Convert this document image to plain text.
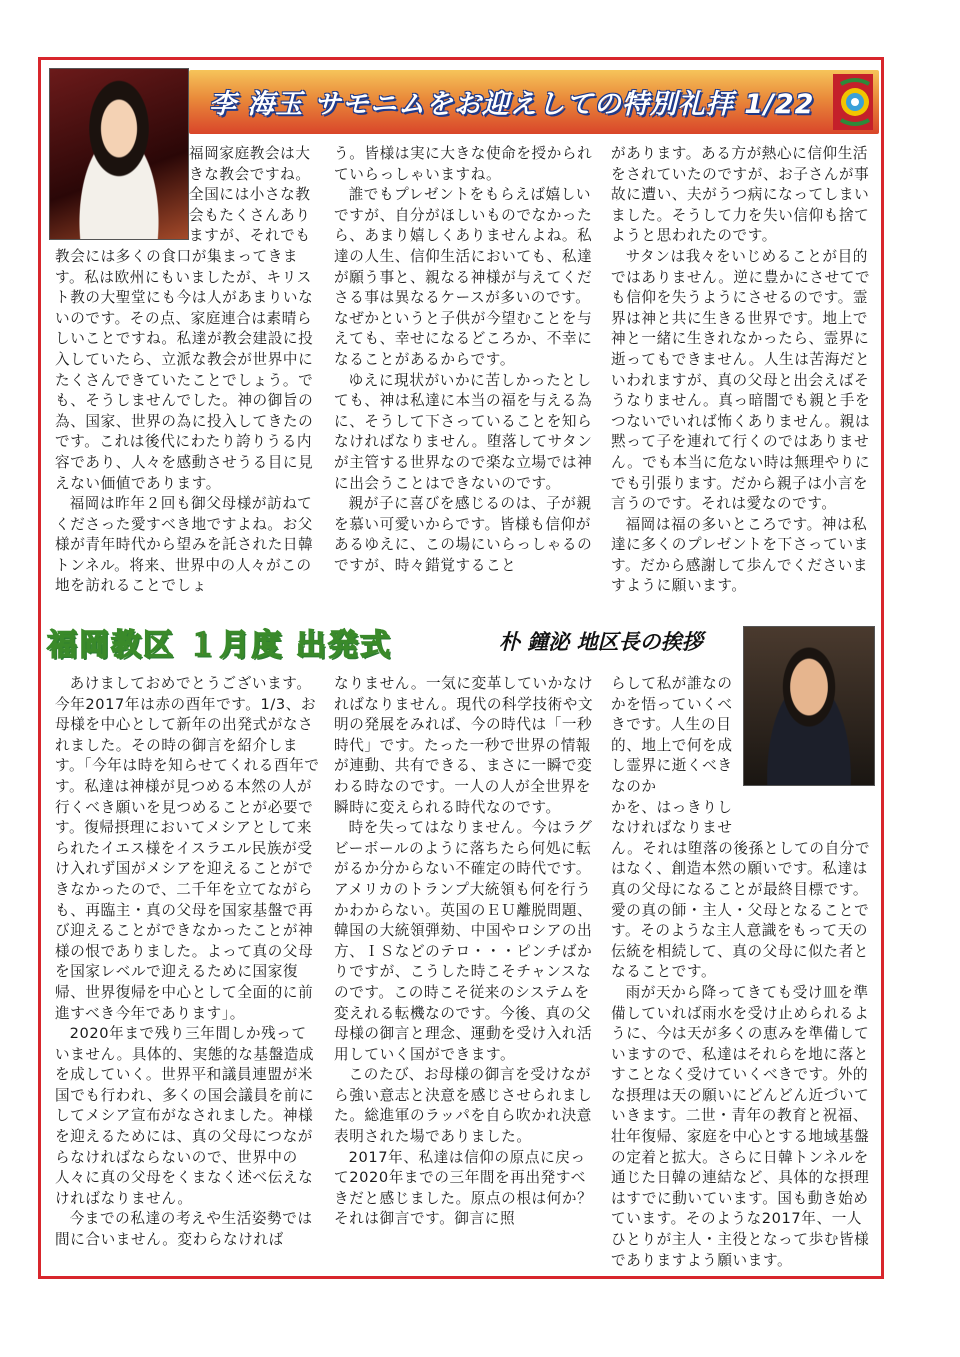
李 海玉 サモニムをお迎えしての特別礼拝 1/22

福岡家庭教会は大きな教会ですね。全国には小さな教会もたくさんありますが、それでも教会には多くの食口が集まってきます。私は欧州にもいましたが、キリスト教の大聖堂にも今は人があまりいないのです。その点、家庭連合は素晴らしいことですね。私達が教会建設に投入していたら、立派な教会が世界中にたくさんできていたことでしょう。でも、そうしませんでした。神の御旨の為、国家、世界の為に投入してきたのです。これは後代にわたり誇りうる内容であり、人々を感動させうる目に見えない価値であります。

福岡は昨年２回も御父母様が訪ねてくださった愛すべき地ですよね。お父様が青年時代から望みを託された日韓トンネル。将来、世界中の人々がこの地を訪れることでしょ

う。皆様は実に大きな使命を授かられていらっしゃいますね。

誰でもプレゼントをもらえば嬉しいですが、自分がほしいものでなかったら、あまり嬉しくありませんよね。私達の人生、信仰生活においても、私達が願う事と、親なる神様が与えてくださる事は異なるケースが多いのです。なぜかというと子供が今望むことを与えても、幸せになるどころか、不幸になることがあるからです。

ゆえに現状がいかに苦しかったとしても、神は私達に本当の福を与える為に、そうして下さっていることを知らなければなりません。堕落してサタンが主管する世界なので楽な立場では神に出会うことはできないのです。

親が子に喜びを感じるのは、子が親を慕い可愛いからです。皆様も信仰があるゆえに、この場にいらっしゃるのですが、時々錯覚すること

があります。ある方が熱心に信仰生活をされていたのですが、お子さんが事故に遭い、夫がうつ病になってしまいました。そうして力を失い信仰も捨てようと思われたのです。

サタンは我々をいじめることが目的ではありません。逆に豊かにさせてでも信仰を失うようにさせるのです。霊界は神と共に生きる世界です。地上で神と一緒に生きれなかったら、霊界に逝ってもできません。人生は苦海だといわれますが、真の父母と出会えばそうなりません。真っ暗闇でも親と手をつないでいれば怖くありません。親は黙って子を連れて行くのではありません。でも本当に危ない時は無理やりにでも引張ります。だから親子は小言を言うのです。それは愛なのです。

福岡は福の多いところです。神は私達に多くのプレゼントを下さっています。だから感謝して歩んでくださいますように願います。

福岡教区 １月度 出発式	朴 鐘泌 地区長の挨拶

あけましておめでとうございます。今年2017年は赤の酉年です。1/3、お母様を中心として新年の出発式がなされました。その時の御言を紹介します。「今年は時を知らせてくれる酉年です。私達は神様が見つめる本然の人が行くべき願いを見つめることが必要です。復帰摂理においてメシアとして来られたイエス様をイスラエル民族が受け入れず国がメシアを迎えることができなかったので、二千年を立てながらも、再臨主・真の父母を国家基盤で再び迎えることができなかったことが神様の恨でありました。よって真の父母を国家レベルで迎えるために国家復帰、世界復帰を中心として全面的に前進すべき今年であります」。

2020年まで残り三年間しか残っていません。具体的、実態的な基盤造成を成していく。世界平和議員連盟が米国でも行われ、多くの国会議員を前にしてメシア宣布がなされました。神様を迎えるためには、真の父母につながらなければならないので、世界中の人々に真の父母をくまなく述べ伝えなければなりません。

今までの私達の考えや生活姿勢では間に合いません。変わらなければ

なりません。一気に変革していかなければなりません。現代の科学技術や文明の発展をみれば、今の時代は「一秒時代」です。たった一秒で世界の情報が連動、共有できる、まさに一瞬で変わる時なのです。一人の人が全世界を瞬時に変えられる時代なのです。

時を失ってはなりません。今はラグビーボールのように落ちたら何処に転がるか分からない不確定の時代です。アメリカのトランプ大統領も何を行うかわからない。英国のＥＵ離脱問題、韓国の大統領弾劾、中国やロシアの出方、ＩＳなどのテロ・・・ピンチばかりですが、こうした時こそチャンスなのです。この時こそ従来のシステムを変えれる転機なのです。今後、真の父母様の御言と理念、運動を受け入れ活用していく国ができます。

このたび、お母様の御言を受けながら強い意志と決意を感じさせられました。総進軍のラッパを自ら吹かれ決意表明された場でありました。

2017年、私達は信仰の原点に戻って2020年までの三年間を再出発すべきだと感じました。原点の根は何か？それは御言です。御言に照

らして私が誰なのかを悟っていくべきです。人生の目的、地上で何を成し霊界に逝くべきなのか

かを、はっきりしなければなりません。それは堕落の後孫としての自分ではなく、創造本然の願いです。私達は真の父母になることが最終目標です。愛の真の師・主人・父母となることです。そのような主人意識をもって天の伝統を相続して、真の父母に似た者となることです。

雨が天から降ってきても受け皿を準備していれば雨水を受け止められるように、今は天が多くの恵みを準備していますので、私達はそれらを地に落とすことなく受けていくべきです。外的な摂理は天の願いにどんどん近づいていきます。二世・青年の教育と祝福、壮年復帰、家庭を中心とする地域基盤の定着と拡大。さらに日韓トンネルを通じた日韓の連結など、具体的な摂理はすでに動いています。国も動き始めています。そのような2017年、一人ひとりが主人・主役となって歩む皆様でありますよう願います。
